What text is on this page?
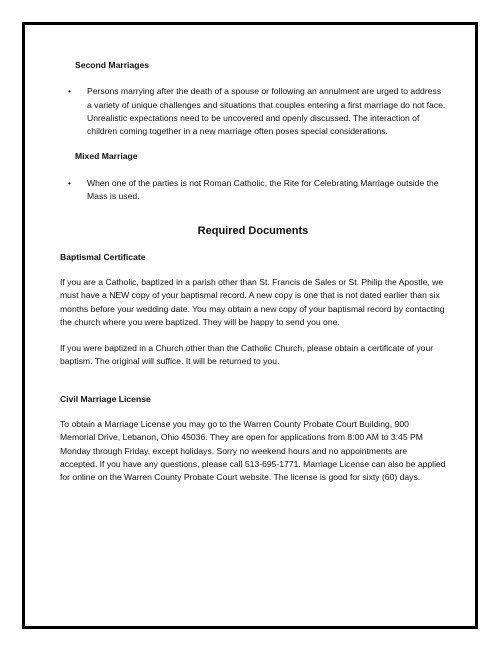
Second Marriages

• Persons marrying after the death of a spouse or following an annulment are urged to address a variety of unique challenges and situations that couples entering a first marriage do not face. Unrealistic expectations need to be uncovered and openly discussed. The interaction of children coming together in a new marriage often poses special considerations.

Mixed Marriage

• When one of the parties is not Roman Catholic, the Rite for Celebrating Marriage outside the Mass is used.

Required Documents

Baptismal Certificate

If you are a Catholic, baptized in a parish other than St. Francis de Sales or St. Philip the Apostle, we must have a NEW copy of your baptismal record. A new copy is one that is not dated earlier than six months before your wedding date. You may obtain a new copy of your baptismal record by contacting the church where you were baptized. They will be happy to send you one.

If you were baptized in a Church other than the Catholic Church, please obtain a certificate of your baptism. The original will suffice. It will be returned to you.

Civil Marriage License

To obtain a Marriage License you may go to the Warren County Probate Court Building, 900 Memorial Drive, Lebanon, Ohio 45036. They are open for applications from 8:00 AM to 3:45 PM Monday through Friday, except holidays. Sorry no weekend hours and no appointments are accepted. If you have any questions, please call 513-695-1771. Marriage License can also be applied for online on the Warren County Probate Court website. The license is good for sixty (60) days.
